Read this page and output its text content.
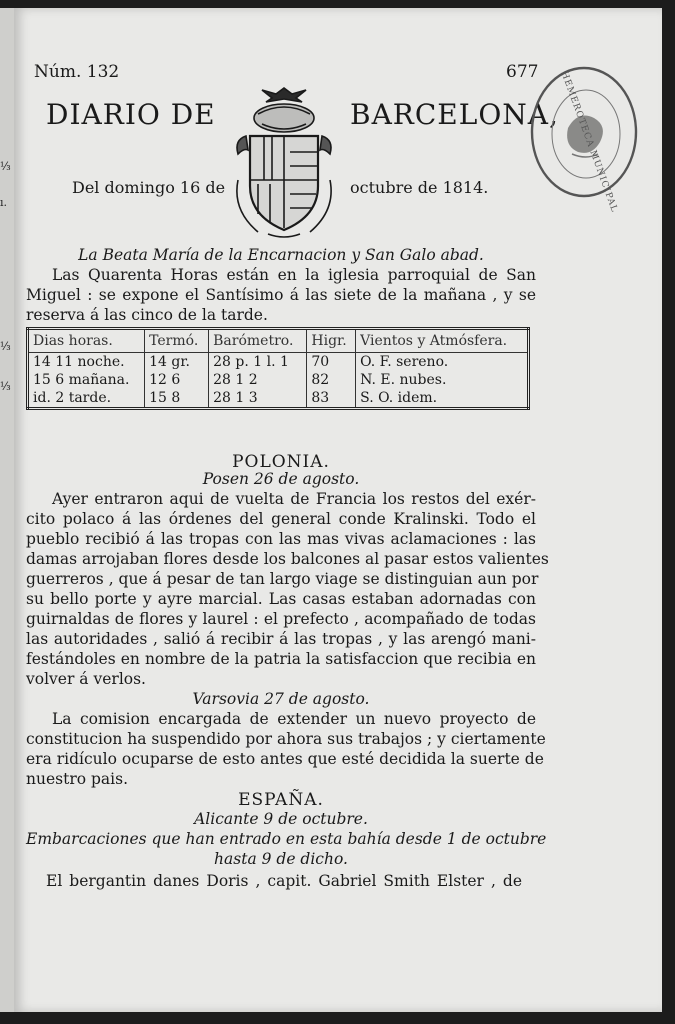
⅓
ı.
⅓
⅓
Núm. 132	677
DIARIO DE	BARCELONA,
Del domingo 16 de	octubre de 1814.	HEMEROTECA MUNICIPAL
La Beata María de la Encarnacion y San Galo abad.
Las Quarenta Horas están en la iglesia parroquial de San
Miguel : se expone el Santísimo á las siete de la mañana , y se
reserva á las cinco de la tarde.
Dias horas.	Termó.	Barómetro.	Higr.	Vientos y Atmósfera.
14 11 noche.	14 gr.	28 p. 1 l. 1	70	O. F. sereno.
15 6 mañana.	12 6	28 1 2	82	N. E. nubes.
id. 2 tarde.	15 8	28 1 3	83	S. O. idem.
POLONIA.
Posen 26 de agosto.
Ayer entraron aqui de vuelta de Francia los restos del exér-
cito polaco á las órdenes del general conde Kralinski. Todo el
pueblo recibió á las tropas con las mas vivas aclamaciones : las
damas arrojaban flores desde los balcones al pasar estos valientes
guerreros , que á pesar de tan largo viage se distinguian aun por
su bello porte y ayre marcial. Las casas estaban adornadas con
guirnaldas de flores y laurel : el prefecto , acompañado de todas
las autoridades , salió á recibir á las tropas , y las arengó mani-
festándoles en nombre de la patria la satisfaccion que recibia en
volver á verlos.
Varsovia 27 de agosto.
La comision encargada de extender un nuevo proyecto de
constitucion ha suspendido por ahora sus trabajos ; y ciertamente
era ridículo ocuparse de esto antes que esté decidida la suerte de
nuestro pais.
ESPAÑA.
Alicante 9 de octubre.
Embarcaciones que han entrado en esta bahía desde 1 de octubre
hasta 9 de dicho.
El bergantin danes Doris , capit. Gabriel Smith Elster , de
